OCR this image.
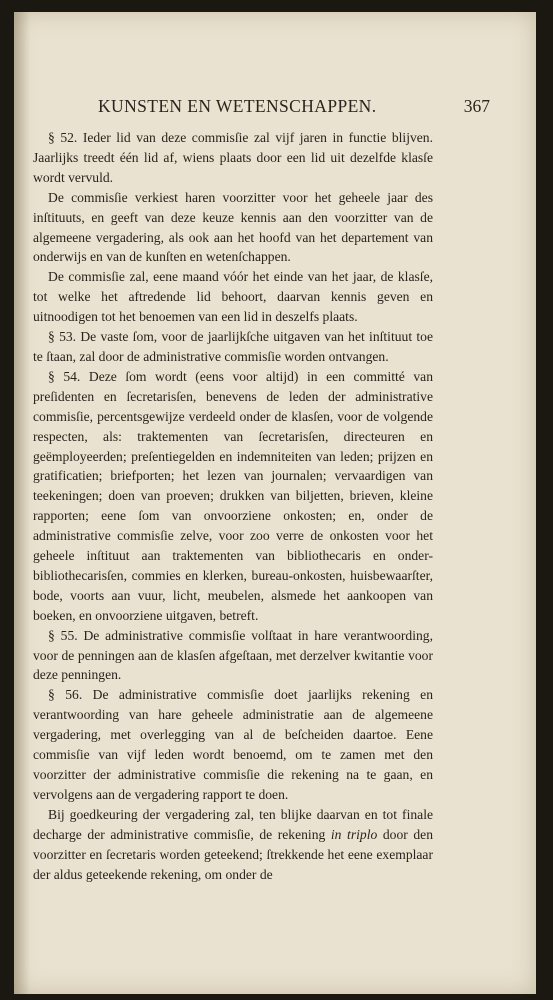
KUNSTEN EN WETENSCHAPPEN.	367

§ 52. Ieder lid van deze commisſie zal vijf jaren in functie blijven. Jaarlijks treedt één lid af, wiens plaats door een lid uit dezelfde klasſe wordt vervuld.

De commisſie verkiest haren voorzitter voor het geheele jaar des inſtituuts, en geeft van deze keuze kennis aan den voorzitter van de algemeene vergadering, als ook aan het hoofd van het departement van onderwijs en van de kunſten en wetenſchappen.

De commisſie zal, eene maand vóór het einde van het jaar, de klasſe, tot welke het aftredende lid behoort, daarvan kennis geven en uitnoodigen tot het benoemen van een lid in deszelfs plaats.

§ 53. De vaste ſom, voor de jaarlijkſche uitgaven van het inſtituut toe te ſtaan, zal door de administrative commisſie worden ontvangen.

§ 54. Deze ſom wordt (eens voor altijd) in een committé van preſidenten en ſecretarisſen, benevens de leden der administrative commisſie, percentsgewijze verdeeld onder de klasſen, voor de volgende respecten, als: traktementen van ſecretarisſen, directeuren en geëmployeerden; preſentiegelden en indemniteiten van leden; prijzen en gratificatien; briefporten; het lezen van journalen; vervaardigen van teekeningen; doen van proeven; drukken van biljetten, brieven, kleine rapporten; eene ſom van onvoorziene onkosten; en, onder de administrative commisſie zelve, voor zoo verre de onkosten voor het geheele inſtituut aan traktementen van bibliothecaris en onder-bibliothecarisſen, commies en klerken, bureau-onkosten, huisbewaarſter, bode, voorts aan vuur, licht, meubelen, alsmede het aankoopen van boeken, en onvoorziene uitgaven, betreft.

§ 55. De administrative commisſie volſtaat in hare verantwoording, voor de penningen aan de klasſen afgeſtaan, met derzelver kwitantie voor deze penningen.

§ 56. De administrative commisſie doet jaarlijks rekening en verantwoording van hare geheele administratie aan de algemeene vergadering, met overlegging van al de beſcheiden daartoe. Eene commisſie van vijf leden wordt benoemd, om te zamen met den voorzitter der administrative commisſie die rekening na te gaan, en vervolgens aan de vergadering rapport te doen.

Bij goedkeuring der vergadering zal, ten blijke daarvan en tot finale decharge der administrative commisſie, de rekening in triplo door den voorzitter en ſecretaris worden geteekend; ſtrekkende het eene exemplaar der aldus geteekende rekening, om onder de
